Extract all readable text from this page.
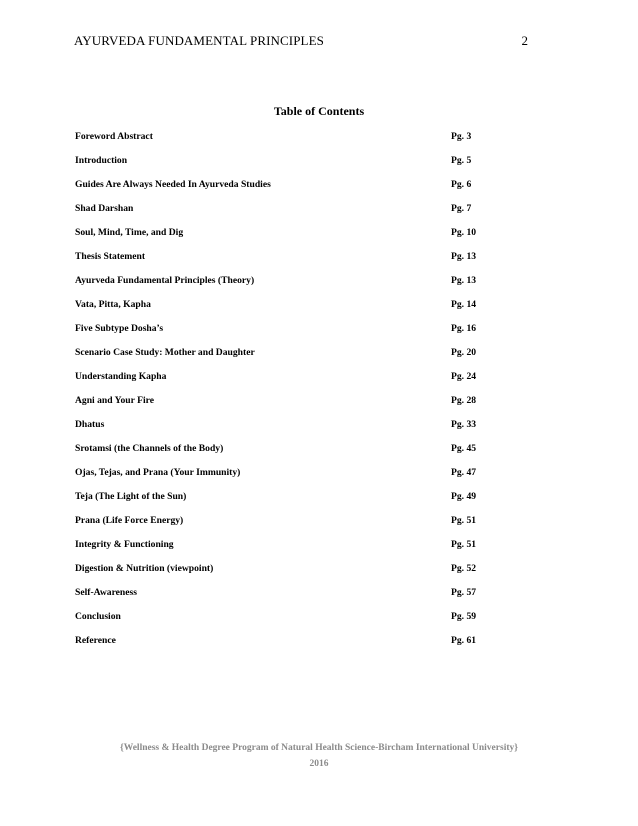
AYURVEDA FUNDAMENTAL PRINCIPLES	2
Table of Contents
Foreword Abstract	Pg. 3
Introduction	Pg. 5
Guides Are Always Needed In Ayurveda Studies	Pg. 6
Shad Darshan	Pg. 7
Soul, Mind, Time, and Dig	Pg. 10
Thesis Statement	Pg. 13
Ayurveda Fundamental Principles (Theory)	Pg. 13
Vata, Pitta, Kapha	Pg. 14
Five Subtype Dosha’s	Pg. 16
Scenario Case Study: Mother and Daughter	Pg. 20
Understanding Kapha	Pg. 24
Agni and Your Fire	Pg. 28
Dhatus	Pg. 33
Srotamsi (the Channels of the Body)	Pg. 45
Ojas, Tejas, and Prana (Your Immunity)	Pg. 47
Teja (The Light of the Sun)	Pg. 49
Prana (Life Force Energy)	Pg. 51
Integrity & Functioning	Pg. 51
Digestion & Nutrition (viewpoint)	Pg. 52
Self-Awareness	Pg. 57
Conclusion	Pg. 59
Reference	Pg. 61
{Wellness & Health Degree Program of Natural Health Science-Bircham International University}
2016
